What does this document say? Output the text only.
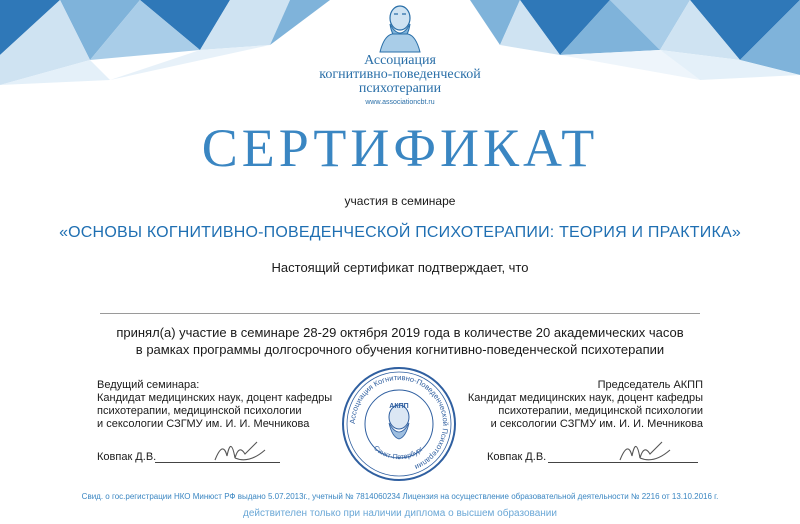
Ассоциация
когнитивно-поведенческой
психотерапии
www.associationcbt.ru
СЕРТИФИКАТ
участия в семинаре
«ОСНОВЫ КОГНИТИВНО-ПОВЕДЕНЧЕСКОЙ ПСИХОТЕРАПИИ: ТЕОРИЯ И ПРАКТИКА»
Настоящий сертификат подтверждает, что
принял(а) участие в семинаре 28-29 октября 2019 года в количестве 20 академических часов
в рамках программы долгосрочного обучения когнитивно-поведенческой психотерапии
Ведущий семинара:
Кандидат медицинских наук, доцент кафедры
психотерапии, медицинской психологии
и сексологии СЗГМУ им. И. И. Мечникова
Ковпак Д.В.
Председатель АКПП
Кандидат медицинских наук, доцент кафедры
психотерапии, медицинской психологии
и сексологии СЗГМУ им. И. И. Мечникова
Ковпак Д.В.
Ассоциация Когнитивно-Поведенческой Психотерапии
АКПП
Санкт-Петербург
Свид. о гос.регистрации НКО Минюст РФ выдано 5.07.2013г., учетный № 7814060234 Лицензия на осуществление образовательной деятельности № 2216 от 13.10.2016 г.
действителен только при наличии диплома о высшем образовании
